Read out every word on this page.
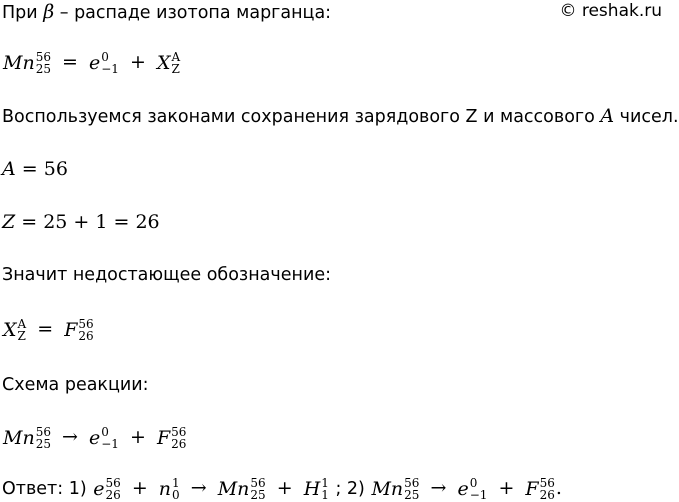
© reshak.ru
При β – распаде изотопа марганца:
Mn 56
25 = e 0
−1 + X A
Z
Воспользуемся законами сохранения зарядового Z и массового A чисел.
A = 56
Z = 25 + 1 = 26
Значит недостающее обозначение:
X A
Z = F 56
26
Схема реакции:
Mn 56
25 → e 0
−1 + F 56
26
Ответ: 1) e 56
26 + n 1
0 → Mn 56
25 + H 1
1 ; 2) Mn 56
25 → e 0
−1 + F 56
26 .
